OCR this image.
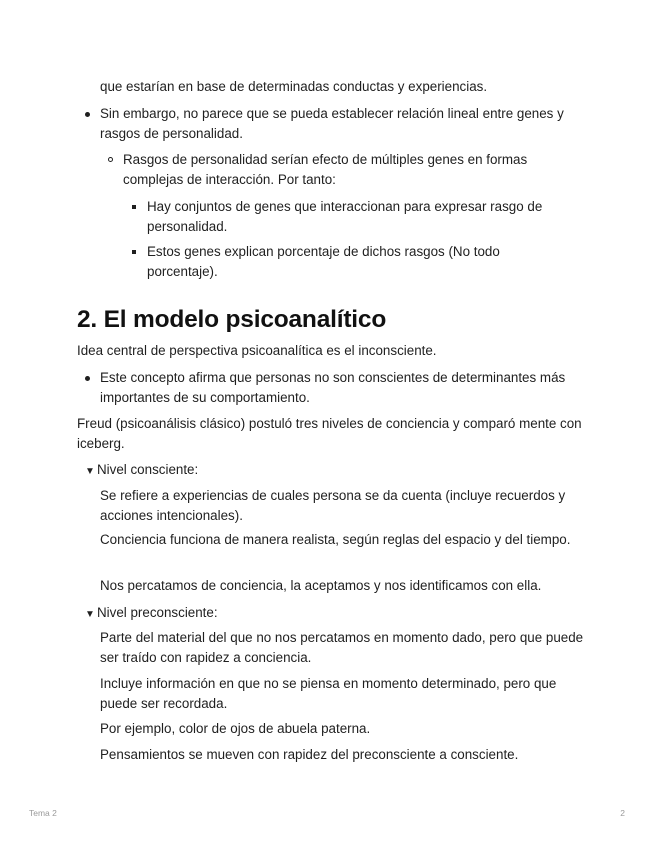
que estarían en base de determinadas conductas y experiencias.

Sin embargo, no parece que se pueda establecer relación lineal entre genes y rasgos de personalidad.

Rasgos de personalidad serían efecto de múltiples genes en formas complejas de interacción. Por tanto:

Hay conjuntos de genes que interaccionan para expresar rasgo de personalidad.

Estos genes explican porcentaje de dichos rasgos (No todo porcentaje).

2. El modelo psicoanalítico

Idea central de perspectiva psicoanalítica es el inconsciente.

Este concepto afirma que personas no son conscientes de determinantes más importantes de su comportamiento.

Freud (psicoanálisis clásico) postuló tres niveles de conciencia y comparó mente con iceberg.

▼ Nivel consciente:

Se refiere a experiencias de cuales persona se da cuenta (incluye recuerdos y acciones intencionales).

Conciencia funciona de manera realista, según reglas del espacio y del tiempo.

Nos percatamos de conciencia, la aceptamos y nos identificamos con ella.

▼ Nivel preconsciente:

Parte del material del que no nos percatamos en momento dado, pero que puede ser traído con rapidez a conciencia.

Incluye información en que no se piensa en momento determinado, pero que puede ser recordada.

Por ejemplo, color de ojos de abuela paterna.

Pensamientos se mueven con rapidez del preconsciente a consciente.

Tema 2	2
